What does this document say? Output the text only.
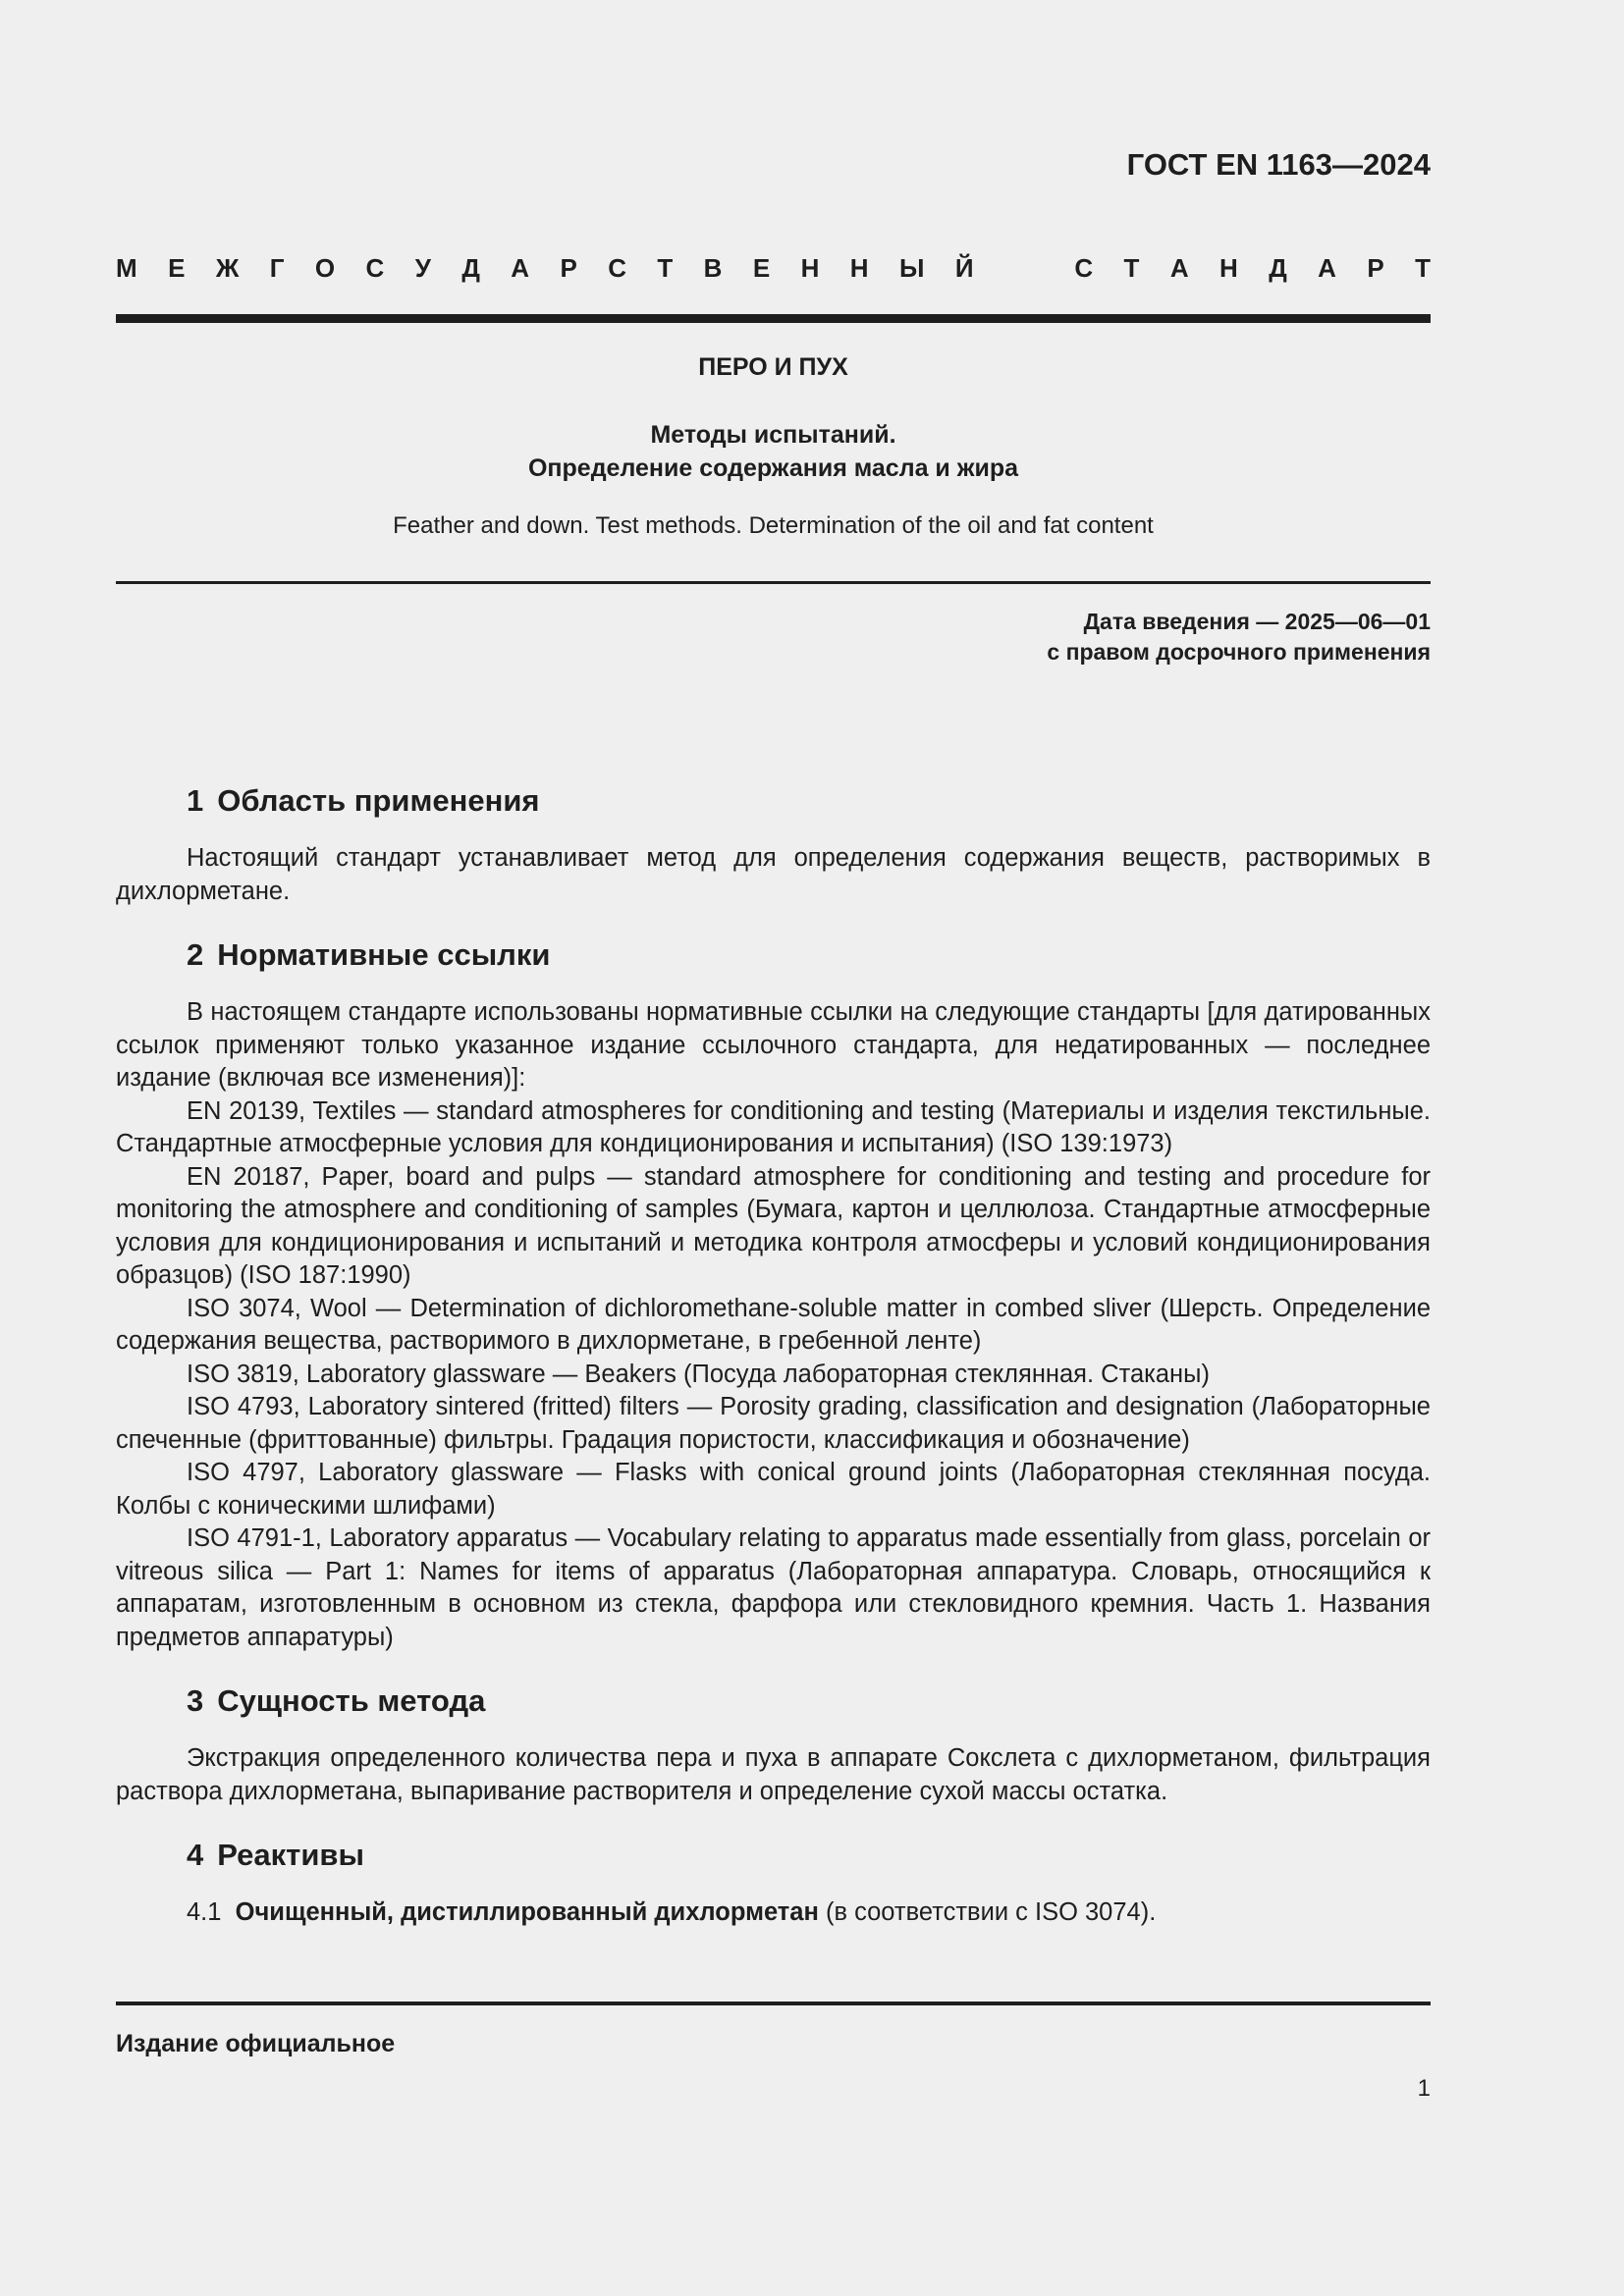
ГОСТ EN 1163—2024
М Е Ж Г О С У Д А Р С Т В Е Н Н Ы Й	С Т А Н Д А Р Т
ПЕРО И ПУХ
Методы испытаний.
Определение содержания масла и жира
Feather and down. Test methods. Determination of the oil and fat content
Дата введения — 2025—06—01
с правом досрочного применения
1 Область применения

Настоящий стандарт устанавливает метод для определения содержания веществ, растворимых в дихлорметане.

2 Нормативные ссылки

В настоящем стандарте использованы нормативные ссылки на следующие стандарты [для датированных ссылок применяют только указанное издание ссылочного стандарта, для недатированных — последнее издание (включая все изменения)]:

EN 20139, Textiles — standard atmospheres for conditioning and testing (Материалы и изделия текстильные. Стандартные атмосферные условия для кондиционирования и испытания) (ISO 139:1973)

EN 20187, Paper, board and pulps — standard atmosphere for conditioning and testing and procedure for monitoring the atmosphere and conditioning of samples (Бумага, картон и целлюлоза. Стандартные атмосферные условия для кондиционирования и испытаний и методика контроля атмосферы и условий кондиционирования образцов) (ISO 187:1990)

ISO 3074, Wool — Determination of dichloromethane-soluble matter in combed sliver (Шерсть. Определение содержания вещества, растворимого в дихлорметане, в гребенной ленте)

ISO 3819, Laboratory glassware — Beakers (Посуда лабораторная стеклянная. Стаканы)

ISO 4793, Laboratory sintered (fritted) filters — Porosity grading, classification and designation (Лабораторные спеченные (фриттованные) фильтры. Градация пористости, классификация и обозначение)

ISO 4797, Laboratory glassware — Flasks with conical ground joints (Лабораторная стеклянная посуда. Колбы с коническими шлифами)

ISO 4791-1, Laboratory apparatus — Vocabulary relating to apparatus made essentially from glass, porcelain or vitreous silica — Part 1: Names for items of apparatus (Лабораторная аппаратура. Словарь, относящийся к аппаратам, изготовленным в основном из стекла, фарфора или стекловидного кремния. Часть 1. Названия предметов аппаратуры)

3 Сущность метода

Экстракция определенного количества пера и пуха в аппарате Сокслета с дихлорметаном, фильтрация раствора дихлорметана, выпаривание растворителя и определение сухой массы остатка.

4 Реактивы

4.1 Очищенный, дистиллированный дихлорметан (в соответствии с ISO 3074).

Издание официальное
1
